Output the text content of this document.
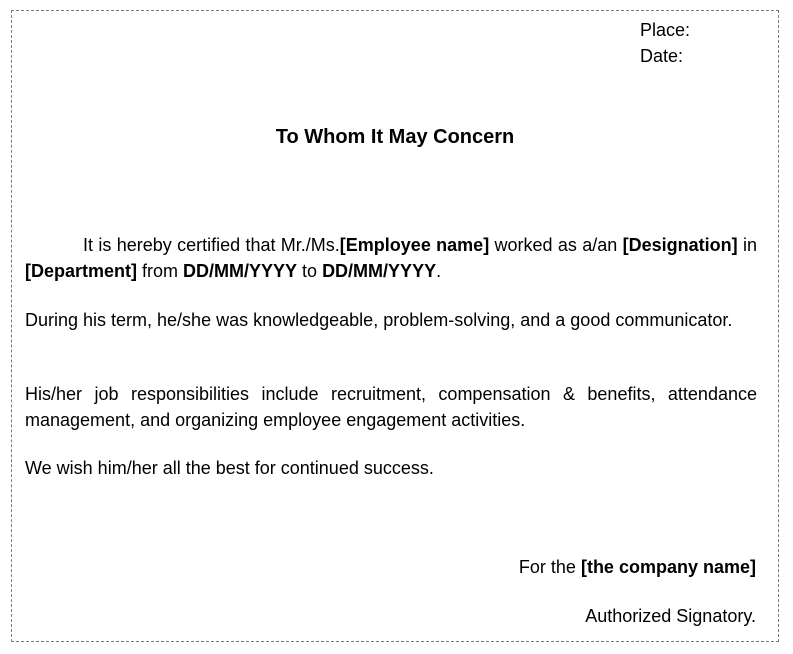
Place:
Date:
To Whom It May Concern
It is hereby certified that Mr./Ms.[Employee name] worked as a/an [Designation] in [Department] from DD/MM/YYYY to DD/MM/YYYY.
During his term, he/she was knowledgeable, problem-solving, and a good communicator.
His/her job responsibilities include recruitment, compensation & benefits, attendance management, and organizing employee engagement activities.
We wish him/her all the best for continued success.
For the [the company name]
Authorized Signatory.
